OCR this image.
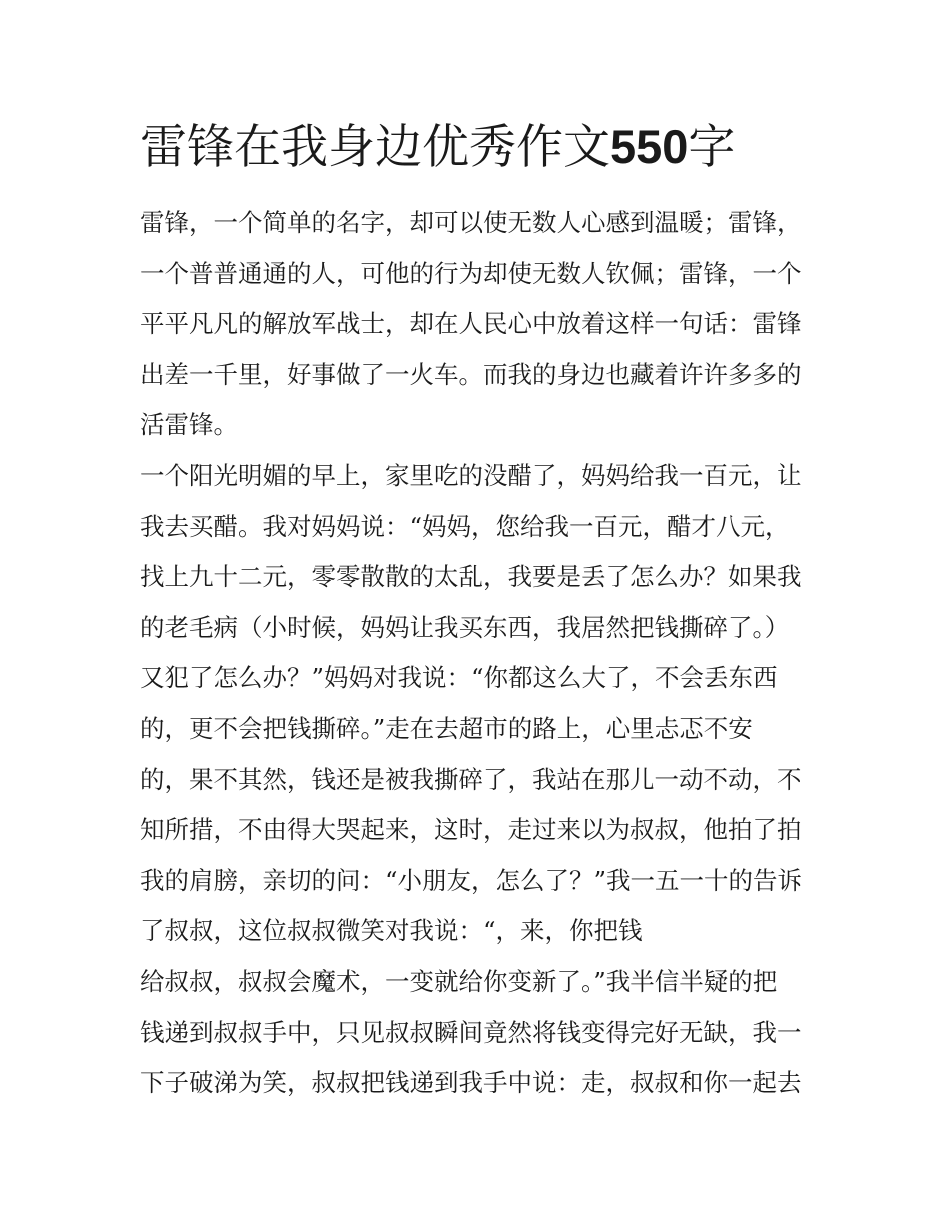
雷锋在我身边优秀作文550字
雷锋，一个简单的名字，却可以使无数人心感到温暖；雷锋，
一个普普通通的人，可他的行为却使无数人钦佩；雷锋，一个
平平凡凡的解放军战士，却在人民心中放着这样一句话：雷锋
出差一千里，好事做了一火车。而我的身边也藏着许许多多的
活雷锋。
一个阳光明媚的早上，家里吃的没醋了，妈妈给我一百元，让
我去买醋。我对妈妈说：“妈妈，您给我一百元，醋才八元，
找上九十二元，零零散散的太乱，我要是丢了怎么办？如果我
的老毛病（小时候，妈妈让我买东西，我居然把钱撕碎了。）
又犯了怎么办？”妈妈对我说：“你都这么大了，不会丢东西
的，更不会把钱撕碎。”走在去超市的路上，心里忐忑不安
的，果不其然，钱还是被我撕碎了，我站在那儿一动不动，不
知所措，不由得大哭起来，这时，走过来以为叔叔，他拍了拍
我的肩膀，亲切的问：“小朋友，怎么了？”我一五一十的告诉
了叔叔，这位叔叔微笑对我说：“，来，你把钱
给叔叔，叔叔会魔术，一变就给你变新了。”我半信半疑的把
钱递到叔叔手中，只见叔叔瞬间竟然将钱变得完好无缺，我一
下子破涕为笑，叔叔把钱递到我手中说：走，叔叔和你一起去
